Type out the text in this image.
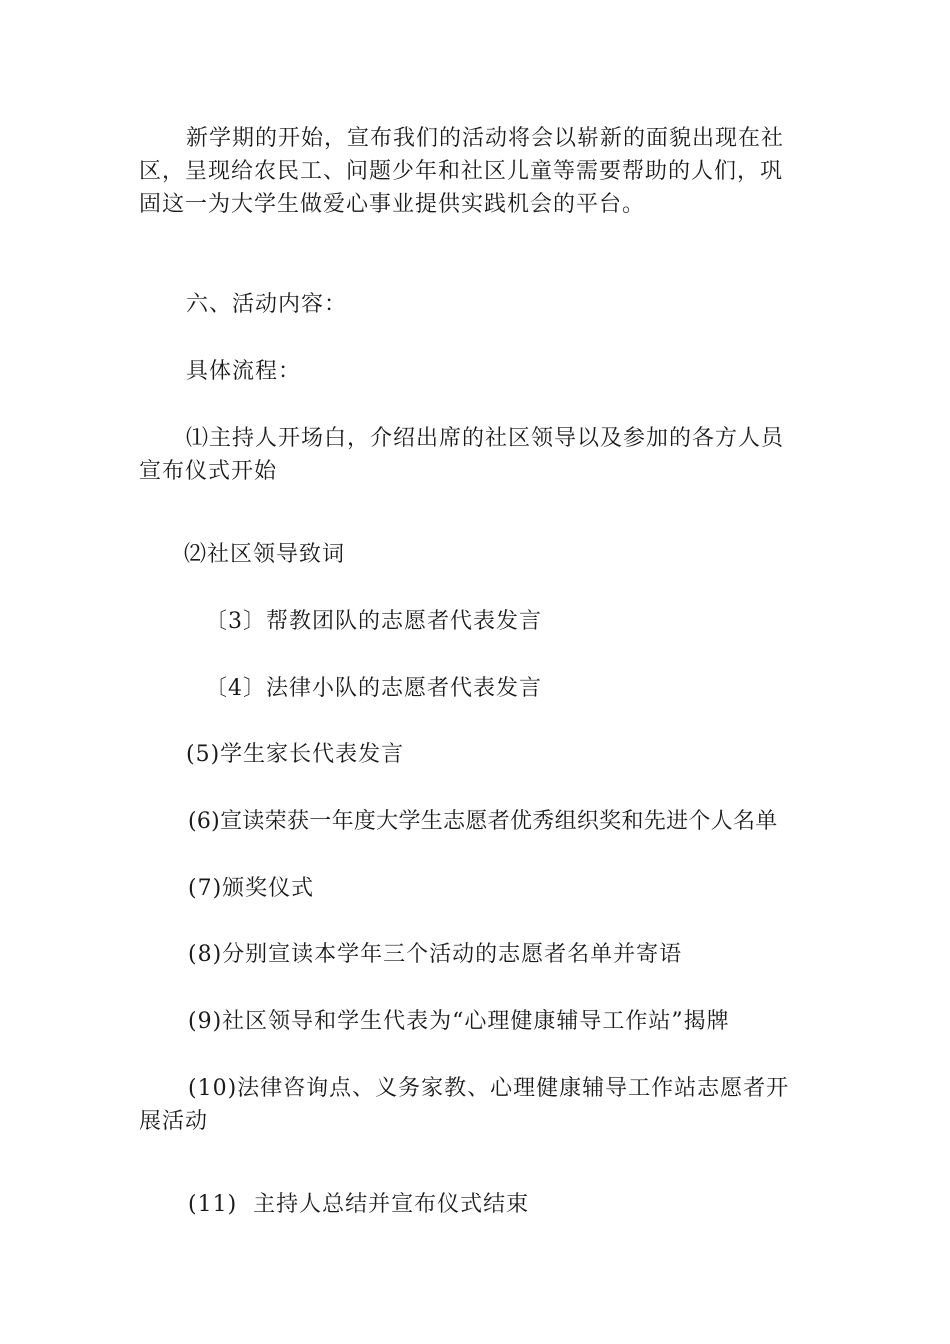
新学期的开始，宣布我们的活动将会以崭新的面貌出现在社
区，呈现给农民工、问题少年和社区儿童等需要帮助的人们，巩
固这一为大学生做爱心事业提供实践机会的平台。
六、活动内容：
具体流程：
⑴主持人开场白，介绍出席的社区领导以及参加的各方人员
宣布仪式开始
⑵社区领导致词
〔3〕帮教团队的志愿者代表发言
〔4〕法律小队的志愿者代表发言
(5)学生家长代表发言
(6)宣读荣获一年度大学生志愿者优秀组织奖和先进个人名单
(7)颁奖仪式
(8)分别宣读本学年三个活动的志愿者名单并寄语
(9)社区领导和学生代表为“心理健康辅导工作站”揭牌
(10)法律咨询点、义务家教、心理健康辅导工作站志愿者开
展活动
(11)  主持人总结并宣布仪式结束
